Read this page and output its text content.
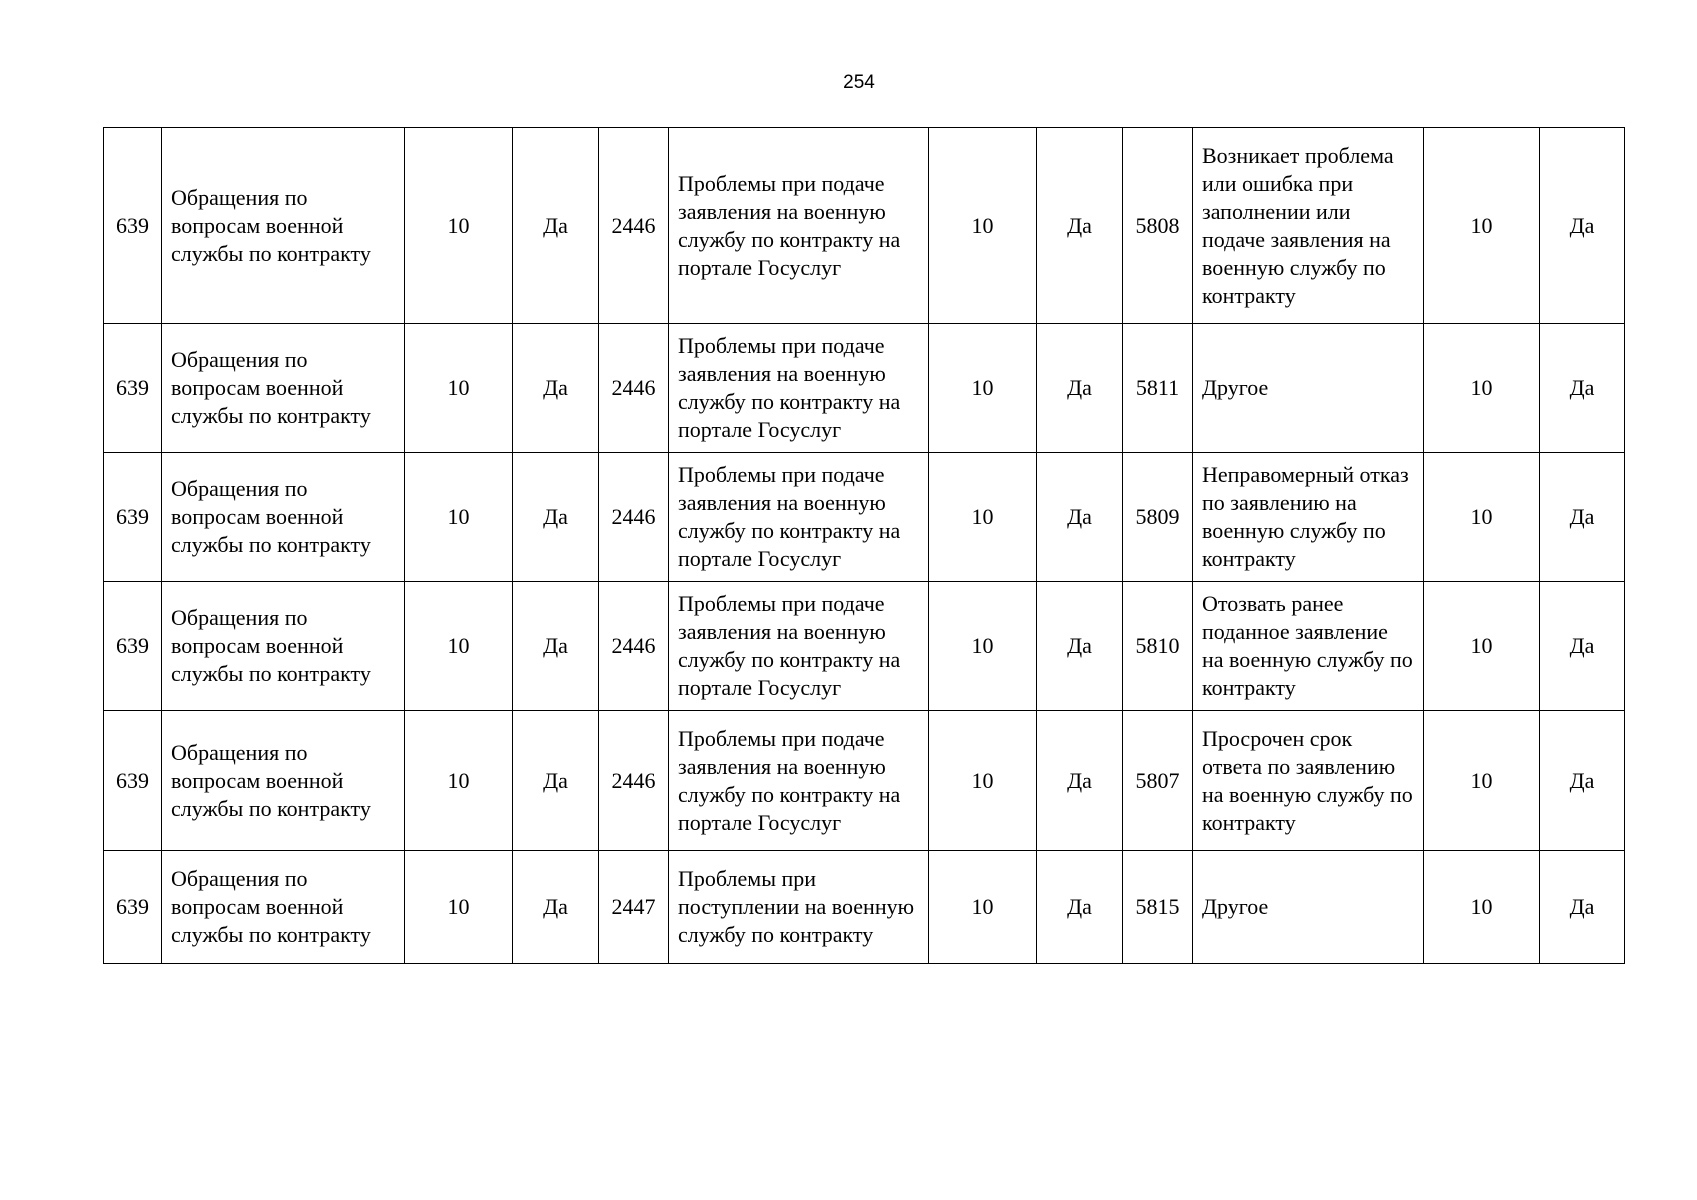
254
639	Обращения по вопросам военной службы по контракту	10	Да	2446	Проблемы при подаче заявления на военную службу по контракту на портале Госуслуг	10	Да	5808	Возникает проблема или ошибка при заполнении или подаче заявления на военную службу по контракту	10	Да
639	Обращения по вопросам военной службы по контракту	10	Да	2446	Проблемы при подаче заявления на военную службу по контракту на портале Госуслуг	10	Да	5811	Другое	10	Да
639	Обращения по вопросам военной службы по контракту	10	Да	2446	Проблемы при подаче заявления на военную службу по контракту на портале Госуслуг	10	Да	5809	Неправомерный отказ по заявлению на военную службу по контракту	10	Да
639	Обращения по вопросам военной службы по контракту	10	Да	2446	Проблемы при подаче заявления на военную службу по контракту на портале Госуслуг	10	Да	5810	Отозвать ранее поданное заявление на военную службу по контракту	10	Да
639	Обращения по вопросам военной службы по контракту	10	Да	2446	Проблемы при подаче заявления на военную службу по контракту на портале Госуслуг	10	Да	5807	Просрочен срок ответа по заявлению на военную службу по контракту	10	Да
639	Обращения по вопросам военной службы по контракту	10	Да	2447	Проблемы при поступлении на военную службу по контракту	10	Да	5815	Другое	10	Да
